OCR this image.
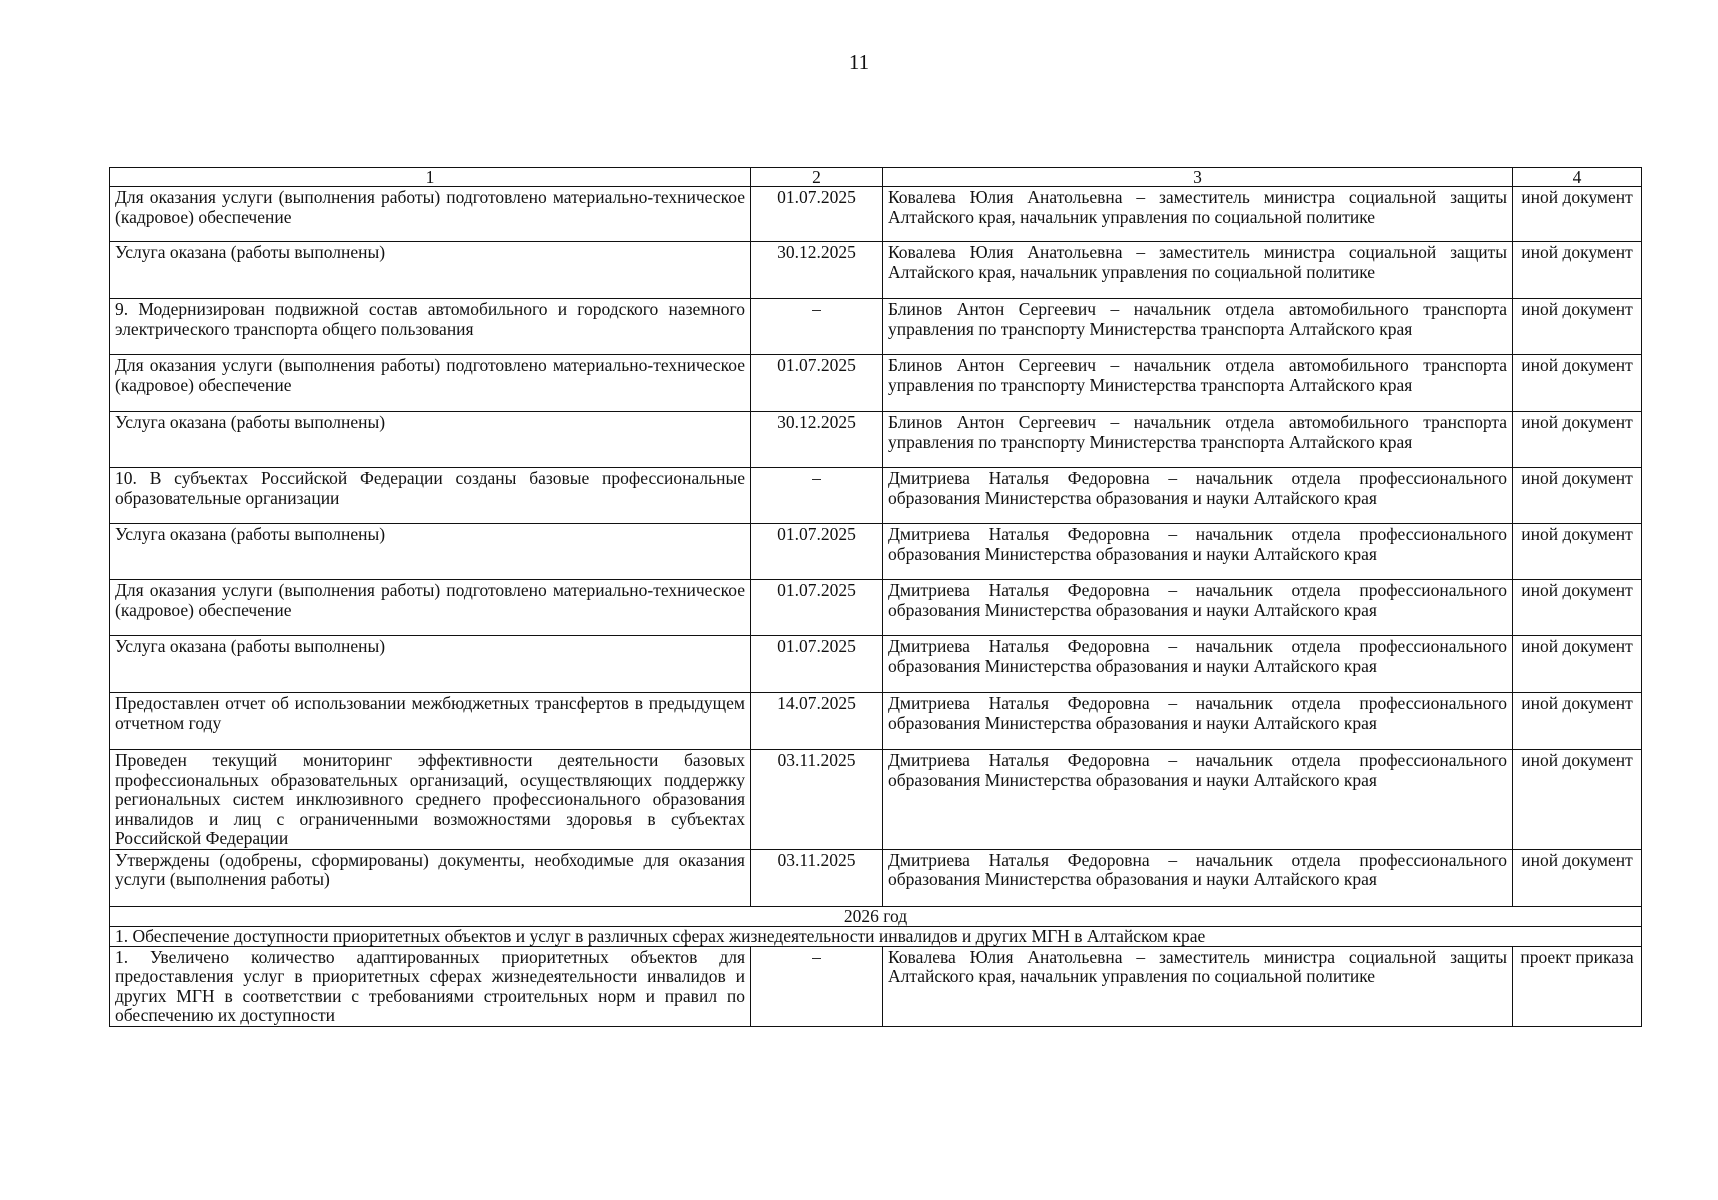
11
1	2	3	4
Для оказания услуги (выполнения работы) подготовлено материально-техническое (кадровое) обеспечение	01.07.2025	Ковалева Юлия Анатольевна – заместитель министра социальной защиты Алтайского края, начальник управления по социальной политике	иной документ
Услуга оказана (работы выполнены)	30.12.2025	Ковалева Юлия Анатольевна – заместитель министра социальной защиты Алтайского края, начальник управления по социальной политике	иной документ
9. Модернизирован подвижной состав автомобильного и городского наземного электрического транспорта общего пользования	–	Блинов Антон Сергеевич – начальник отдела автомобильного транспорта управления по транспорту Министерства транспорта Алтайского края	иной документ
Для оказания услуги (выполнения работы) подготовлено материально-техническое (кадровое) обеспечение	01.07.2025	Блинов Антон Сергеевич – начальник отдела автомобильного транспорта управления по транспорту Министерства транспорта Алтайского края	иной документ
Услуга оказана (работы выполнены)	30.12.2025	Блинов Антон Сергеевич – начальник отдела автомобильного транспорта управления по транспорту Министерства транспорта Алтайского края	иной документ
10. В субъектах Российской Федерации созданы базовые профессиональные образовательные организации	–	Дмитриева Наталья Федоровна – начальник отдела профессионального образования Министерства образования и науки Алтайского края	иной документ
Услуга оказана (работы выполнены)	01.07.2025	Дмитриева Наталья Федоровна – начальник отдела профессионального образования Министерства образования и науки Алтайского края	иной документ
Для оказания услуги (выполнения работы) подготовлено материально-техническое (кадровое) обеспечение	01.07.2025	Дмитриева Наталья Федоровна – начальник отдела профессионального образования Министерства образования и науки Алтайского края	иной документ
Услуга оказана (работы выполнены)	01.07.2025	Дмитриева Наталья Федоровна – начальник отдела профессионального образования Министерства образования и науки Алтайского края	иной документ
Предоставлен отчет об использовании межбюджетных трансфертов в предыдущем отчетном году	14.07.2025	Дмитриева Наталья Федоровна – начальник отдела профессионального образования Министерства образования и науки Алтайского края	иной документ
Проведен текущий мониторинг эффективности деятельности базовых профессиональных образовательных организаций, осуществляющих поддержку региональных систем инклюзивного среднего профессионального образования инвалидов и лиц с ограниченными возможностями здоровья в субъектах Российской Федерации	03.11.2025	Дмитриева Наталья Федоровна – начальник отдела профессионального образования Министерства образования и науки Алтайского края	иной документ
Утверждены (одобрены, сформированы) документы, необходимые для оказания услуги (выполнения работы)	03.11.2025	Дмитриева Наталья Федоровна – начальник отдела профессионального образования Министерства образования и науки Алтайского края	иной документ
2026 год			
1. Обеспечение доступности приоритетных объектов и услуг в различных сферах жизнедеятельности инвалидов и других МГН в Алтайском крае			
1. Увеличено количество адаптированных приоритетных объектов для предоставления услуг в приоритетных сферах жизнедеятельности инвалидов и других МГН в соответствии с требованиями строительных норм и правил по обеспечению их доступности	–	Ковалева Юлия Анатольевна – заместитель министра социальной защиты Алтайского края, начальник управления по социальной политике	проект приказа
